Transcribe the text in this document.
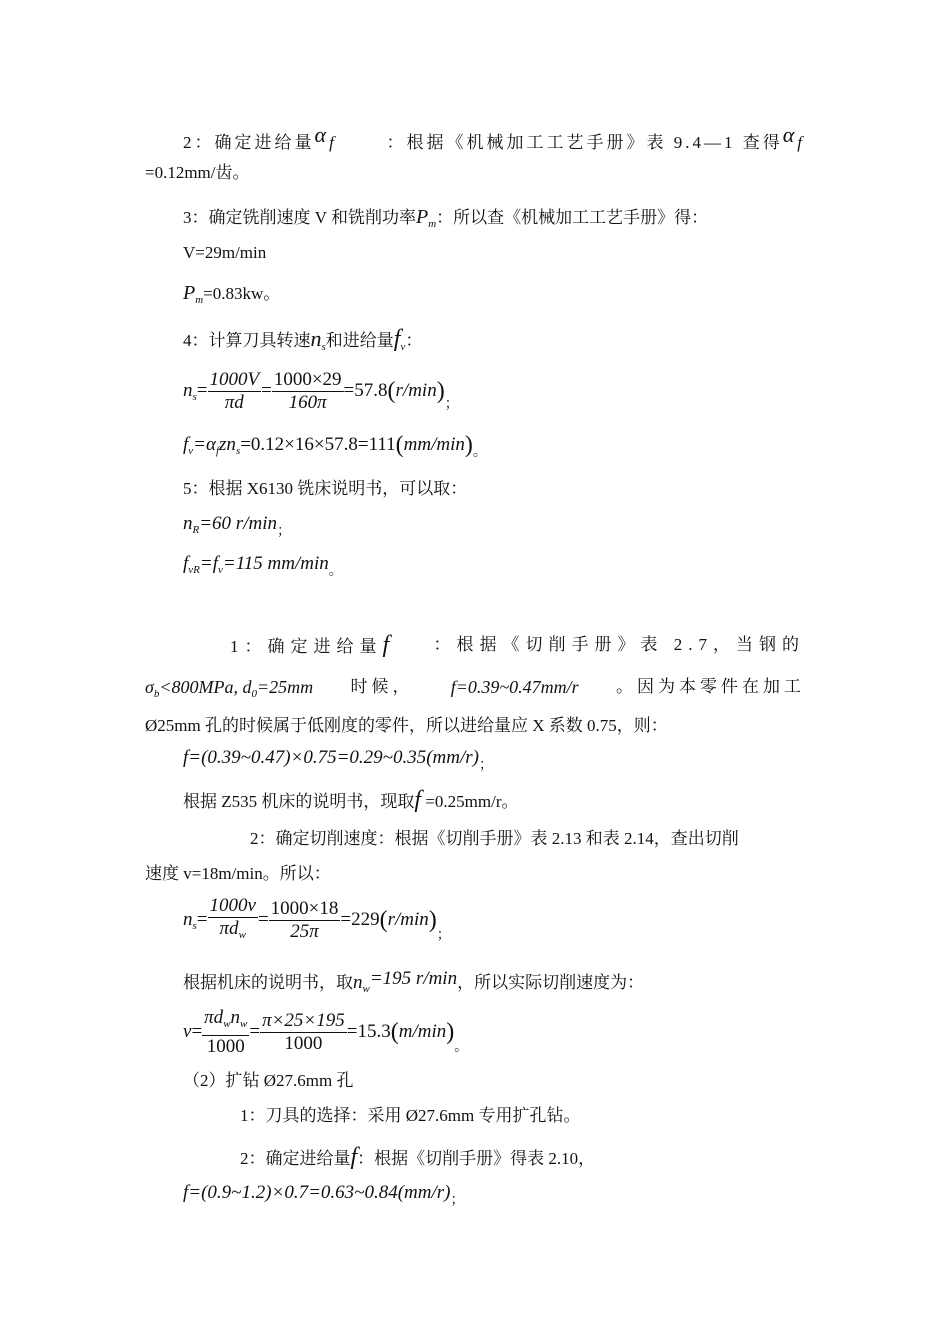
2：确定进给量αf	：根据《机械加工工艺手册》表 9.4—1 查得αf
=0.12mm/齿。
3：确定铣削速度 V 和铣削功率$P_m$：所以查《机械加工工艺手册》得：
V=29m/min
$P_m=0.83kw$。
4：计算刀具转速$n_s$和进给量$f_v$：
$n_s= \frac{1000V}{\pi d} = \frac{1000\times 29}{160\pi} =57.8(r/\min)_;$
$f_v=\alpha_fzn_s=0.12\times 16\times 57.8=111(mm/\min)_。$
5：根据 X6130 铣床说明书，可以取：
$n_R=60$ $r/\min_;$
$f_{vR}=f_v=115$ $mm/\min_。$
1：确定进给量f ：根据《切削手册》表 2.7，当钢的
$\sigma_b<800MPa$, $d_0=25mm$ 时候， f=0.39~0.47mm/r 。因为本零件在加工
Ø25mm 孔的时候属于低刚度的零件，所以进给量应 X 系数 0.75，则：
$f=(0.39\sim 0.47)\times 0.75=0.29\sim 0.35(mm/r)_;$
根据 Z535 机床的说明书，现取f =0.25mm/r。
2：确定切削速度：根据《切削手册》表 2.13 和表 2.14，查出切削
速度 v=18m/min。所以：
$n_s= \frac{1000v}{\pi d_w} = \frac{1000\times 18}{25\pi} =229(r/\min)_;$
根据机床的说明书，取$n_w=195$ r/min，所以实际切削速度为：
$v= \frac{\pi d_wn_w}{1000} = \frac{\pi\times 25\times 195}{1000} =15.3(m/\min)_。$
（2）扩钻 Ø27.6mm 孔
1：刀具的选择：采用 Ø27.6mm 专用扩孔钻。
2：确定进给量f：根据《切削手册》得表 2.10，
$f=(0.9\sim 1.2)\times 0.7=0.63\sim 0.84(mm/r)_;$
